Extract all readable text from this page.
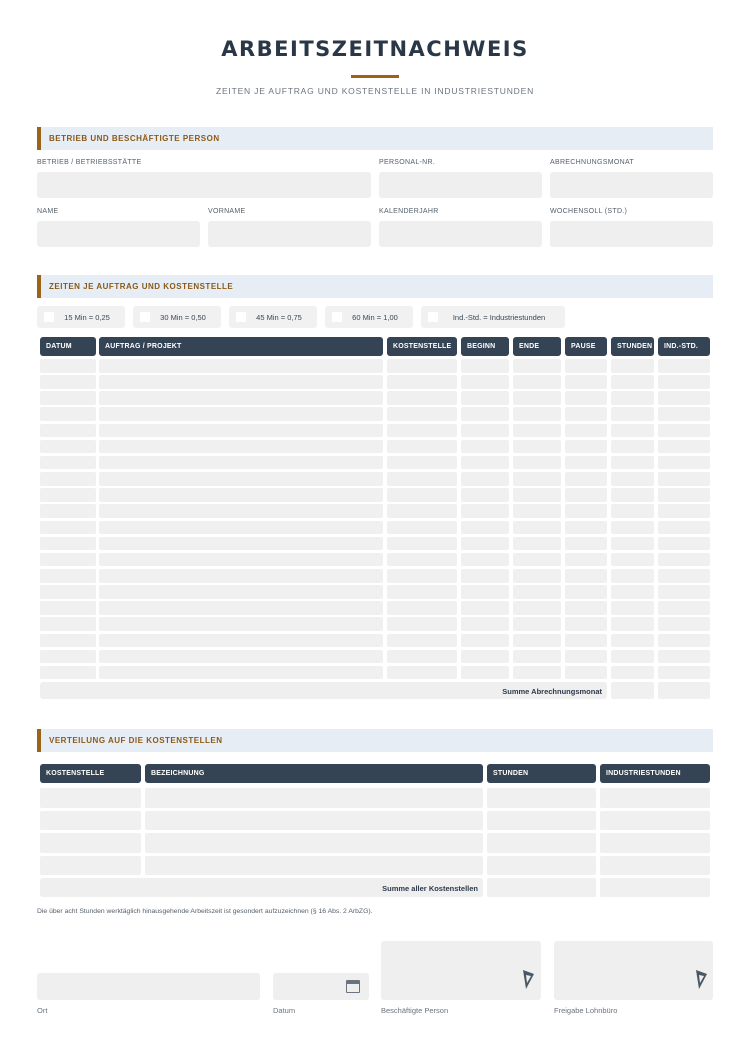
ARBEITSZEITNACHWEIS
ZEITEN JE AUFTRAG UND KOSTENSTELLE IN INDUSTRIESTUNDEN
BETRIEB UND BESCHÄFTIGTE PERSON
BETRIEB / BETRIEBSSTÄTTE	PERSONAL-NR.	ABRECHNUNGSMONAT
NAME	VORNAME	KALENDERJAHR	WOCHENSOLL (STD.)
ZEITEN JE AUFTRAG UND KOSTENSTELLE
15 Min = 0,25	30 Min = 0,50	45 Min = 0,75	60 Min = 1,00	Ind.-Std. = Industriestunden
DATUM	AUFTRAG / PROJEKT	KOSTENSTELLE	BEGINN	ENDE	PAUSE	STUNDEN	IND.-STD.
Summe Abrechnungsmonat
VERTEILUNG AUF DIE KOSTENSTELLEN
KOSTENSTELLE	BEZEICHNUNG	STUNDEN	INDUSTRIESTUNDEN
Summe aller Kostenstellen
Die über acht Stunden werktäglich hinausgehende Arbeitszeit ist gesondert aufzuzeichnen (§ 16 Abs. 2 ArbZG).
Ort	Datum	Beschäftigte Person	Freigabe Lohnbüro
